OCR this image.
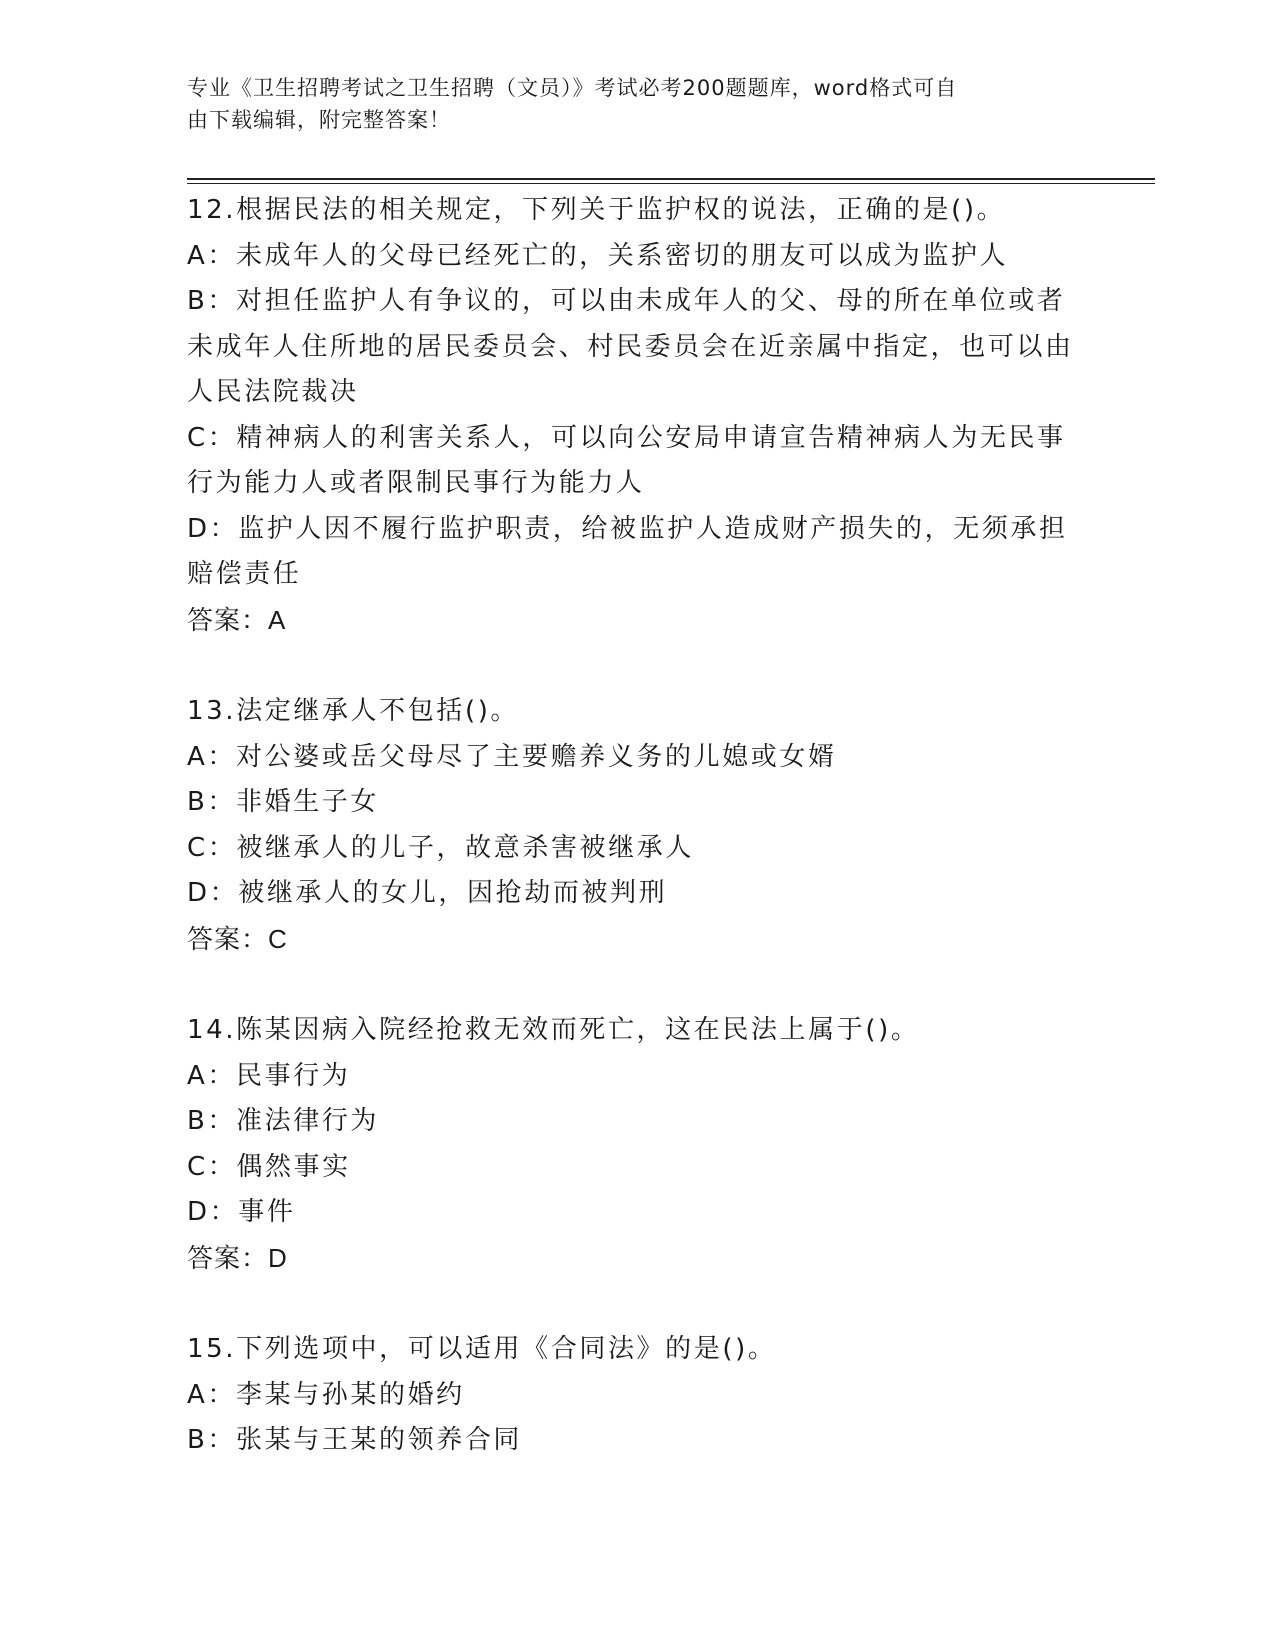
专业《卫生招聘考试之卫生招聘（文员）》考试必考200题题库，word格式可自
由下载编辑，附完整答案！

12.根据民法的相关规定，下列关于监护权的说法，正确的是()。

A：未成年人的父母已经死亡的，关系密切的朋友可以成为监护人

B：对担任监护人有争议的，可以由未成年人的父、母的所在单位或者未成年人住所地的居民委员会、村民委员会在近亲属中指定，也可以由人民法院裁决

C：精神病人的利害关系人，可以向公安局申请宣告精神病人为无民事行为能力人或者限制民事行为能力人

D：监护人因不履行监护职责，给被监护人造成财产损失的，无须承担赔偿责任

答案：A

13.法定继承人不包括()。

A：对公婆或岳父母尽了主要赡养义务的儿媳或女婿

B：非婚生子女

C：被继承人的儿子，故意杀害被继承人

D：被继承人的女儿，因抢劫而被判刑

答案：C

14.陈某因病入院经抢救无效而死亡，这在民法上属于()。

A：民事行为

B：准法律行为

C：偶然事实

D：事件

答案：D

15.下列选项中，可以适用《合同法》的是()。

A：李某与孙某的婚约

B：张某与王某的领养合同
